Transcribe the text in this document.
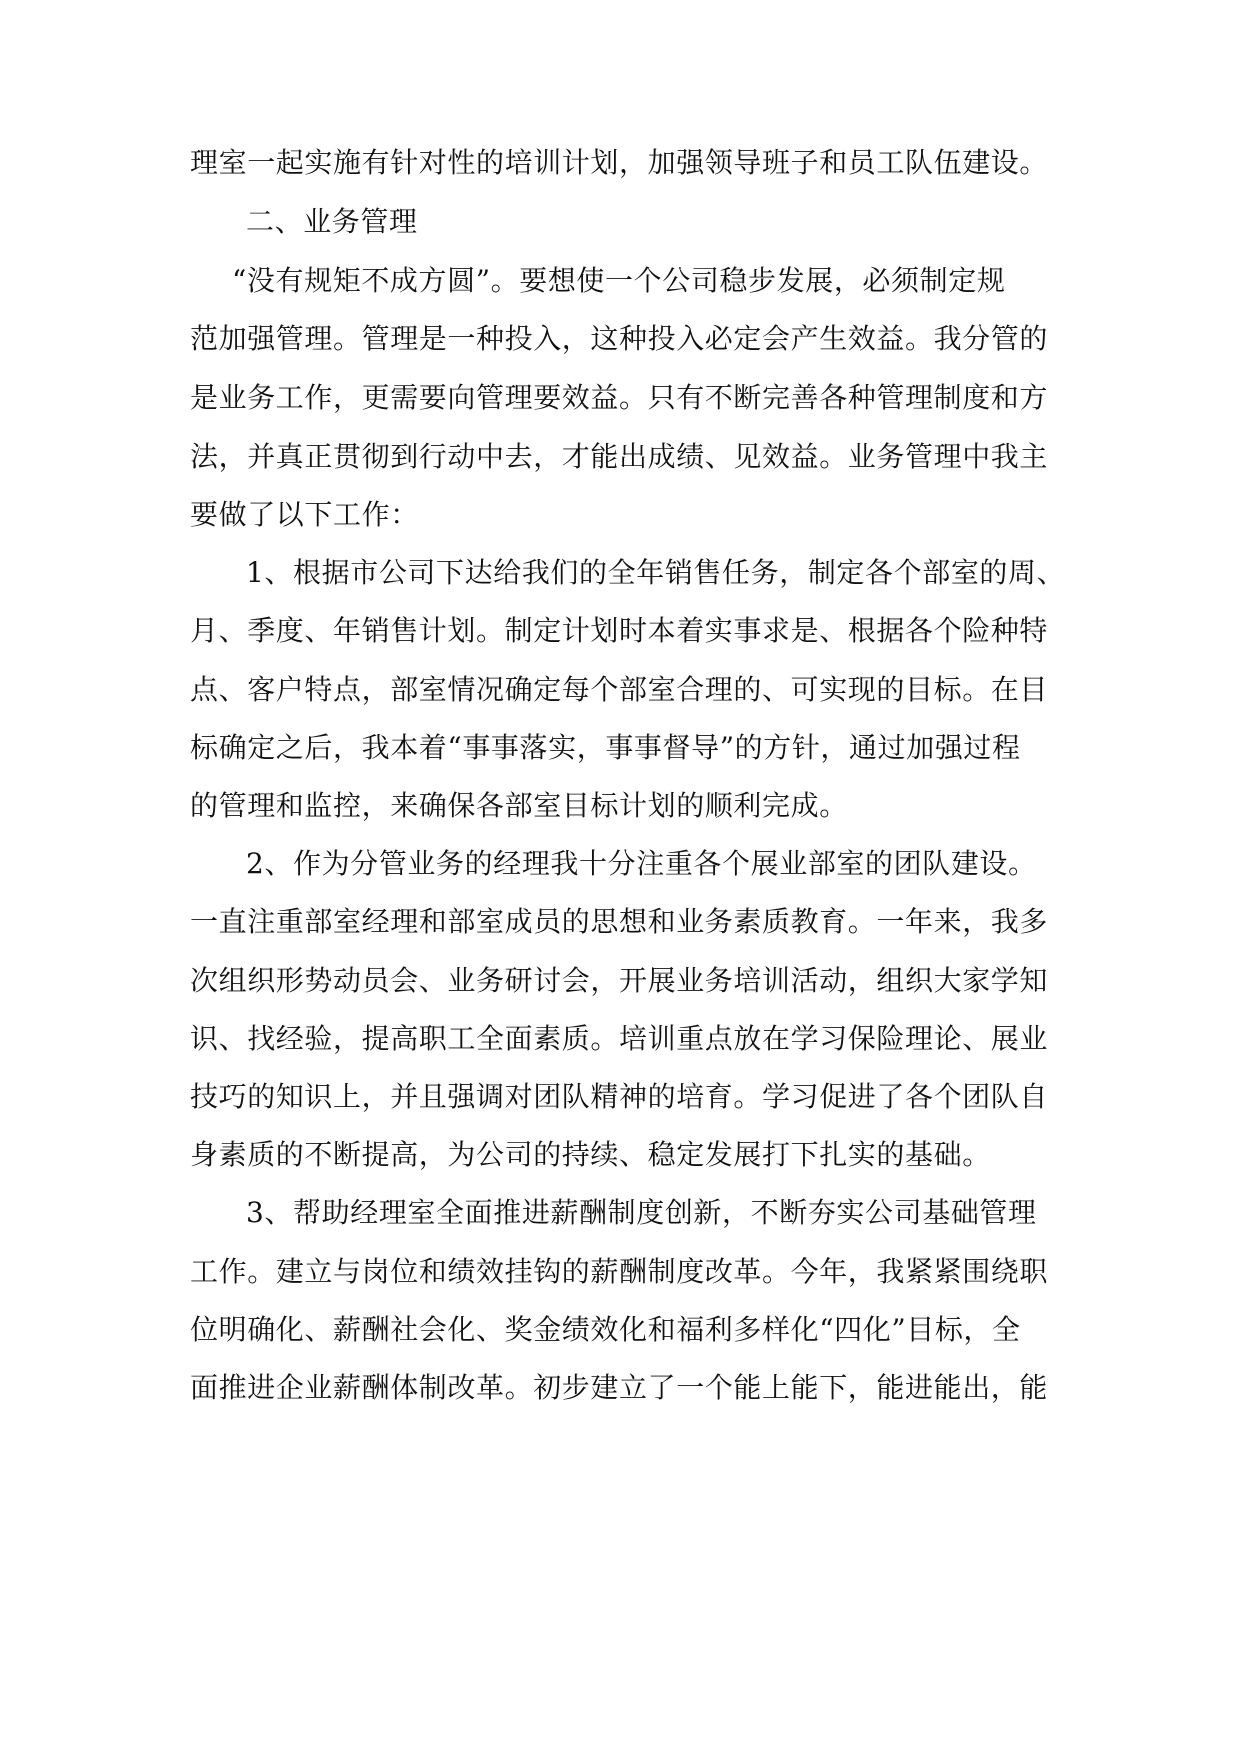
理室一起实施有针对性的培训计划，加强领导班子和员工队伍建设。
二、业务管理
“没有规矩不成方圆”。要想使一个公司稳步发展，必须制定规
范加强管理。管理是一种投入，这种投入必定会产生效益。我分管的
是业务工作，更需要向管理要效益。只有不断完善各种管理制度和方
法，并真正贯彻到行动中去，才能出成绩、见效益。业务管理中我主
要做了以下工作：
1、根据市公司下达给我们的全年销售任务，制定各个部室的周、
月、季度、年销售计划。制定计划时本着实事求是、根据各个险种特
点、客户特点，部室情况确定每个部室合理的、可实现的目标。在目
标确定之后，我本着“事事落实，事事督导”的方针，通过加强过程
的管理和监控，来确保各部室目标计划的顺利完成。
2、作为分管业务的经理我十分注重各个展业部室的团队建设。
一直注重部室经理和部室成员的思想和业务素质教育。一年来，我多
次组织形势动员会、业务研讨会，开展业务培训活动，组织大家学知
识、找经验，提高职工全面素质。培训重点放在学习保险理论、展业
技巧的知识上，并且强调对团队精神的培育。学习促进了各个团队自
身素质的不断提高，为公司的持续、稳定发展打下扎实的基础。
3、帮助经理室全面推进薪酬制度创新，不断夯实公司基础管理
工作。建立与岗位和绩效挂钩的薪酬制度改革。今年，我紧紧围绕职
位明确化、薪酬社会化、奖金绩效化和福利多样化“四化”目标，全
面推进企业薪酬体制改革。初步建立了一个能上能下，能进能出，能
